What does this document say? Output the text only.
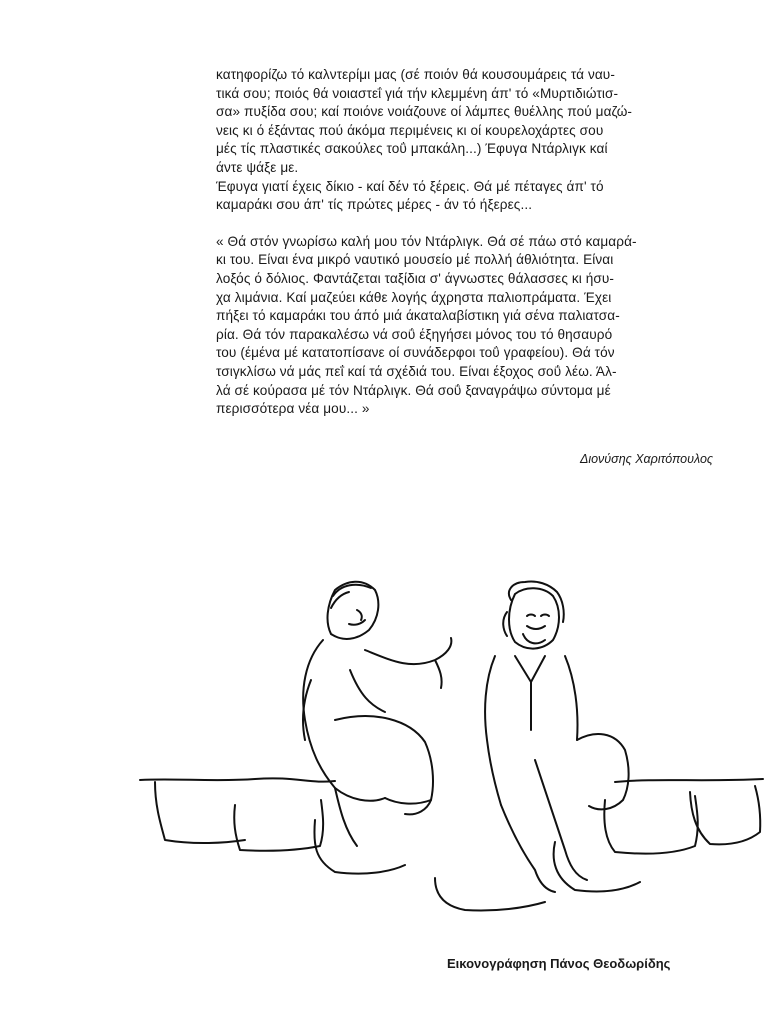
κατηφορίζω τό καλντερίμι μας (σέ ποιόν θά κουσουμάρεις τά ναυ-
τικά σου; ποιός θά νοιαστεΐ γιά τήν κλεμμένη άπ' τό «Μυρτιδιώτισ-
σα» πυξίδα σου; καί ποιόνε νοιάζουνε οί λάμπες θυέλλης πού μαζώ-
νεις κι ό έξάντας πού άκόμα περιμένεις κι οί κουρελοχάρτες σου
μές τίς πλαστικές σακούλες τοΰ μπακάλη...) Έφυγα Ντάρλιγκ καί
άντε ψάξε με.
Έφυγα γιατί έχεις δίκιο - καί δέν τό ξέρεις. Θά μέ πέταγες άπ' τό
καμαράκι σου άπ' τίς πρώτες μέρες - άν τό ήξερες...
« Θά στόν γνωρίσω καλή μου τόν Ντάρλιγκ. Θά σέ πάω στό καμαρά-
κι του. Είναι ένα μικρό ναυτικό μουσείο μέ πολλή άθλιότητα. Είναι
λοξός ό δόλιος. Φαντάζεται ταξίδια σ' άγνωστες θάλασσες κι ήσυ-
χα λιμάνια. Καί μαζεύει κάθε λογής άχρηστα παλιοπράματα. Έχει
πήξει τό καμαράκι του άπό μιά άκαταλαβίστικη γιά σένα παλιατσα-
ρία. Θά τόν παρακαλέσω νά σοΰ έξηγήσει μόνος του τό θησαυρό
του (έμένα μέ κατατοπίσανε οί συνάδερφοι τοΰ γραφείου). Θά τόν
τσιγκλίσω νά μάς πεΐ καί τά σχέδιά του. Είναι έξοχος σοΰ λέω. Άλ-
λά σέ κούρασα μέ τόν Ντάρλιγκ. Θά σοΰ ξαναγράψω σύντομα μέ
περισσότερα νέα μου... »
Διονύσης Χαριτόπουλος
Εικονογράφηση Πάνος Θεοδωρίδης
